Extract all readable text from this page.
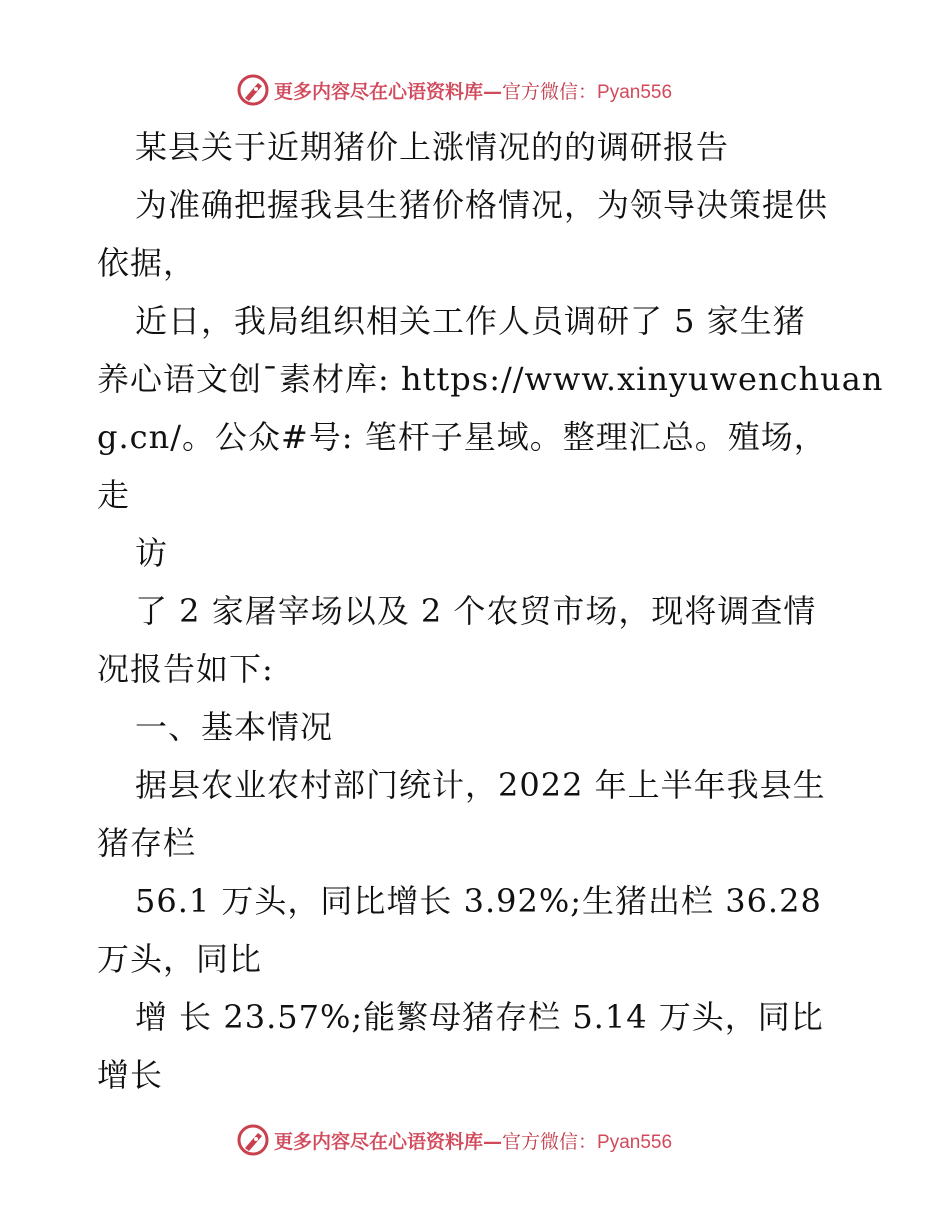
更多内容尽在心语资料库—官方微信：Pyan556
某县关于近期猪价上涨情况的的调研报告
为准确把握我县生猪价格情况，为领导决策提供
依据，
近日，我局组织相关工作人员调研了 5 家生猪
养心语文创¯素材库: https://www.xinyuwenchuan
g.cn/。公众#号: 笔杆子星域。整理汇总。殖场，
走
访
了 2 家屠宰场以及 2 个农贸市场，现将调查情
况报告如下:
一、基本情况
据县农业农村部门统计，2022 年上半年我县生
猪存栏
56.1 万头，同比增长 3.92%;生猪出栏 36.28
万头，同比
增 长 23.57%;能繁母猪存栏 5.14 万头，同比
增长
更多内容尽在心语资料库—官方微信：Pyan556
